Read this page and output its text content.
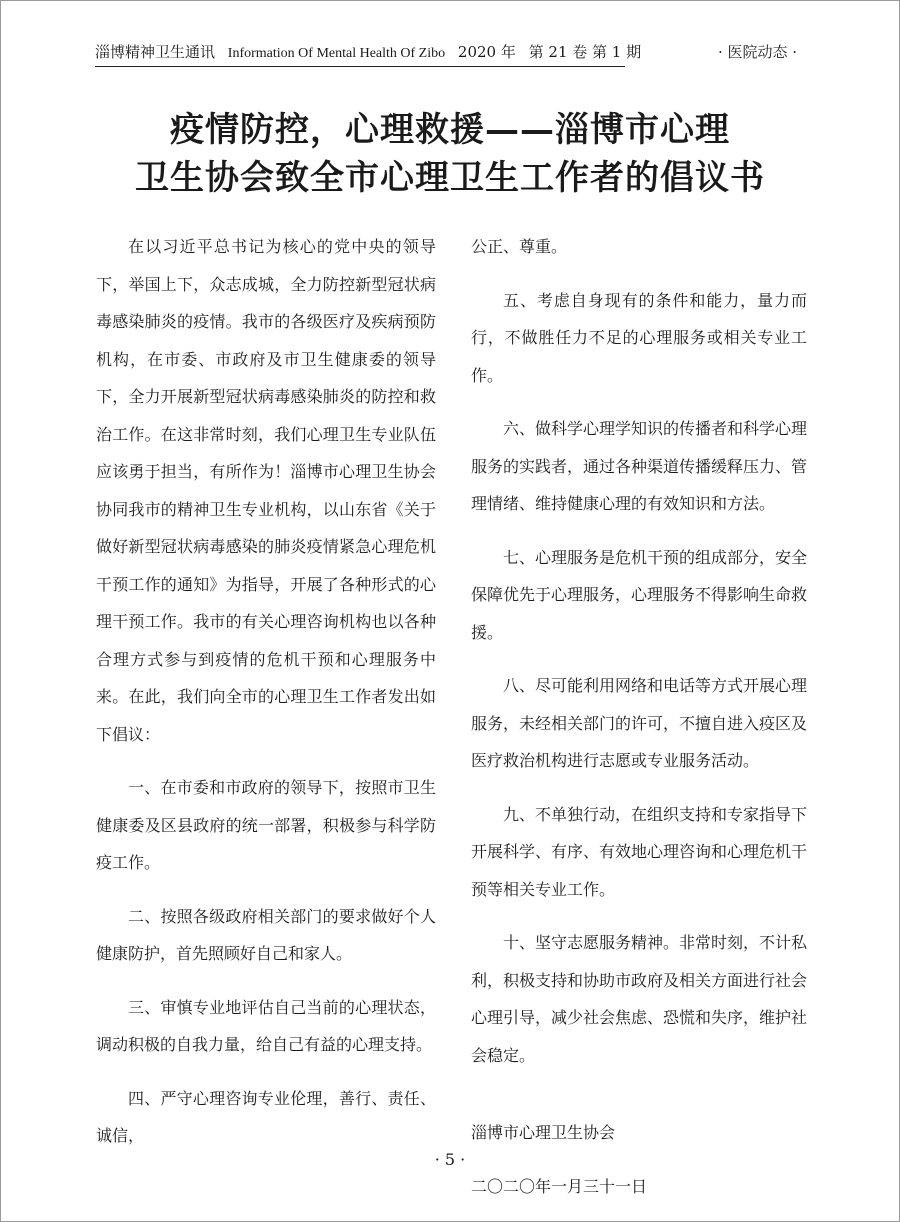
淄博精神卫生通讯 Information Of Mental Health Of Zibo 2020 年 第 21 卷 第 1 期	· 医院动态 ·
疫情防控，心理救援——淄博市心理
卫生协会致全市心理卫生工作者的倡议书

在以习近平总书记为核心的党中央的领导下，举国上下，众志成城，全力防控新型冠状病毒感染肺炎的疫情。我市的各级医疗及疾病预防机构，在市委、市政府及市卫生健康委的领导下，全力开展新型冠状病毒感染肺炎的防控和救治工作。在这非常时刻，我们心理卫生专业队伍应该勇于担当，有所作为！淄博市心理卫生协会协同我市的精神卫生专业机构，以山东省《关于做好新型冠状病毒感染的肺炎疫情紧急心理危机干预工作的通知》为指导，开展了各种形式的心理干预工作。我市的有关心理咨询机构也以各种合理方式参与到疫情的危机干预和心理服务中来。在此，我们向全市的心理卫生工作者发出如下倡议：

一、在市委和市政府的领导下，按照市卫生健康委及区县政府的统一部署，积极参与科学防疫工作。

二、按照各级政府相关部门的要求做好个人健康防护，首先照顾好自己和家人。

三、审慎专业地评估自己当前的心理状态，调动积极的自我力量，给自己有益的心理支持。

四、严守心理咨询专业伦理，善行、责任、诚信，

公正、尊重。

五、考虑自身现有的条件和能力，量力而行，不做胜任力不足的心理服务或相关专业工作。

六、做科学心理学知识的传播者和科学心理服务的实践者，通过各种渠道传播缓释压力、管理情绪、维持健康心理的有效知识和方法。

七、心理服务是危机干预的组成部分，安全保障优先于心理服务，心理服务不得影响生命救援。

八、尽可能利用网络和电话等方式开展心理服务，未经相关部门的许可，不擅自进入疫区及医疗救治机构进行志愿或专业服务活动。

九、不单独行动，在组织支持和专家指导下开展科学、有序、有效地心理咨询和心理危机干预等相关专业工作。

十、坚守志愿服务精神。非常时刻，不计私利，积极支持和协助市政府及相关方面进行社会心理引导，减少社会焦虑、恐慌和失序，维护社会稳定。

淄博市心理卫生协会

二〇二〇年一月三十一日

· 5 ·
